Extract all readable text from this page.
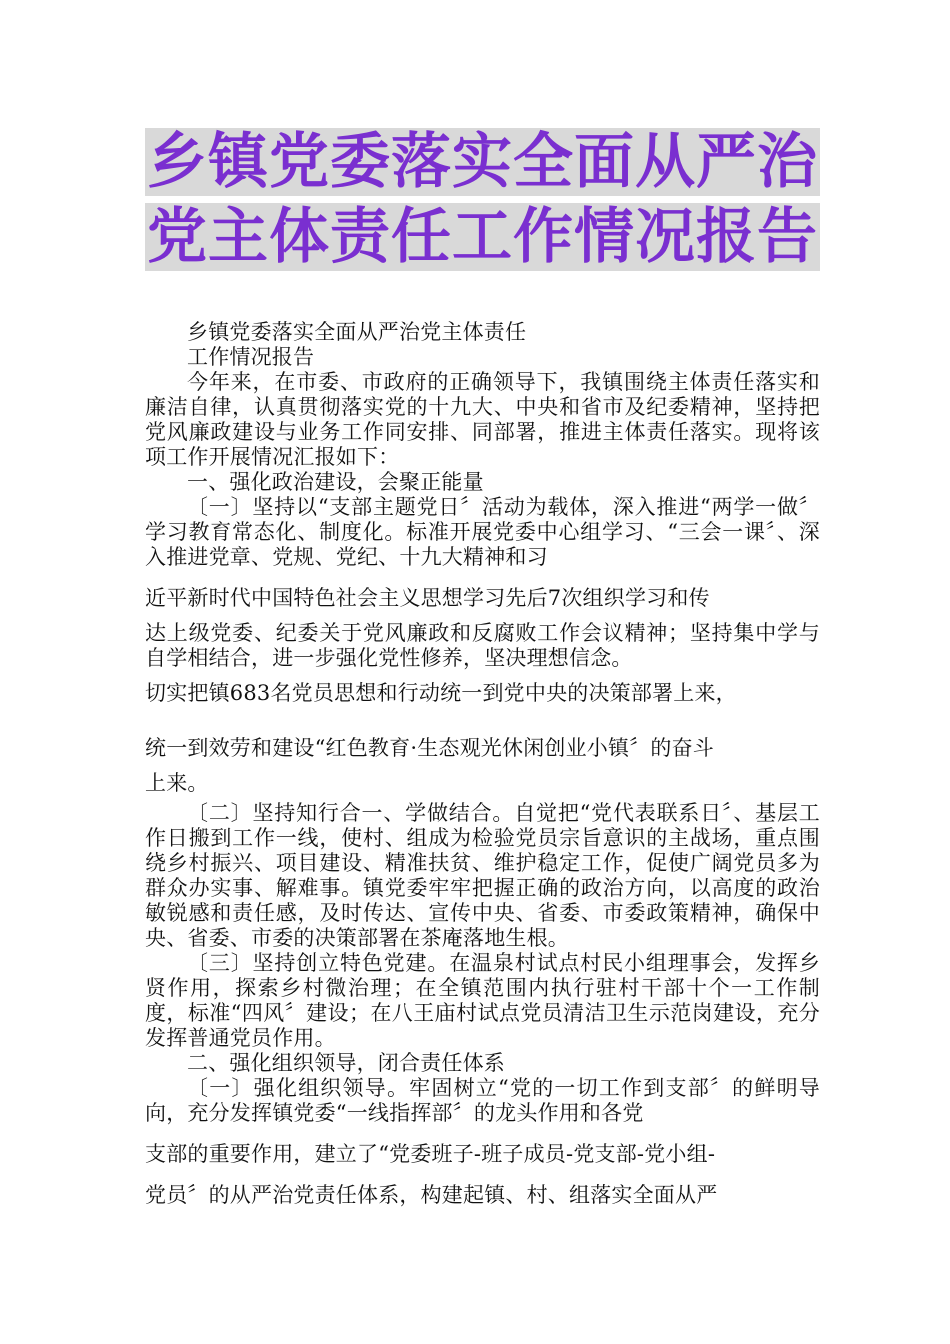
乡镇党委落实全面从严治
党主体责任工作情况报告

乡镇党委落实全面从严治党主体责任

工作情况报告

今年来，在市委、市政府的正确领导下，我镇围绕主体责任落实和廉洁自律，认真贯彻落实党的十九大、中央和省市及纪委精神，坚持把党风廉政建设与业务工作同安排、同部署，推进主体责任落实。现将该项工作开展情况汇报如下：

一、强化政治建设，会聚正能量

〔一〕坚持以“支部主题党日〞活动为载体，深入推进“两学一做〞学习教育常态化、制度化。标准开展党委中心组学习、“三会一课〞、深入推进党章、党规、党纪、十九大精神和习

近平新时代中国特色社会主义思想学习先后7次组织学习和传

达上级党委、纪委关于党风廉政和反腐败工作会议精神；坚持集中学与自学相结合，进一步强化党性修养，坚决理想信念。

切实把镇683名党员思想和行动统一到党中央的决策部署上来，

统一到效劳和建设“红色教育·生态观光休闲创业小镇〞的奋斗

上来。

〔二〕坚持知行合一、学做结合。自觉把“党代表联系日〞、基层工作日搬到工作一线，使村、组成为检验党员宗旨意识的主战场，重点围绕乡村振兴、项目建设、精准扶贫、维护稳定工作，促使广阔党员多为群众办实事、解难事。镇党委牢牢把握正确的政治方向，以高度的政治敏锐感和责任感，及时传达、宣传中央、省委、市委政策精神，确保中央、省委、市委的决策部署在茶庵落地生根。

〔三〕坚持创立特色党建。在温泉村试点村民小组理事会，发挥乡贤作用，探索乡村微治理；在全镇范围内执行驻村干部十个一工作制度，标准“四风〞建设；在八王庙村试点党员清洁卫生示范岗建设，充分发挥普通党员作用。

二、强化组织领导，闭合责任体系

〔一〕强化组织领导。牢固树立“党的一切工作到支部〞的鲜明导向，充分发挥镇党委“一线指挥部〞的龙头作用和各党

支部的重要作用，建立了“党委班子-班子成员-党支部-党小组-

党员〞的从严治党责任体系，构建起镇、村、组落实全面从严
